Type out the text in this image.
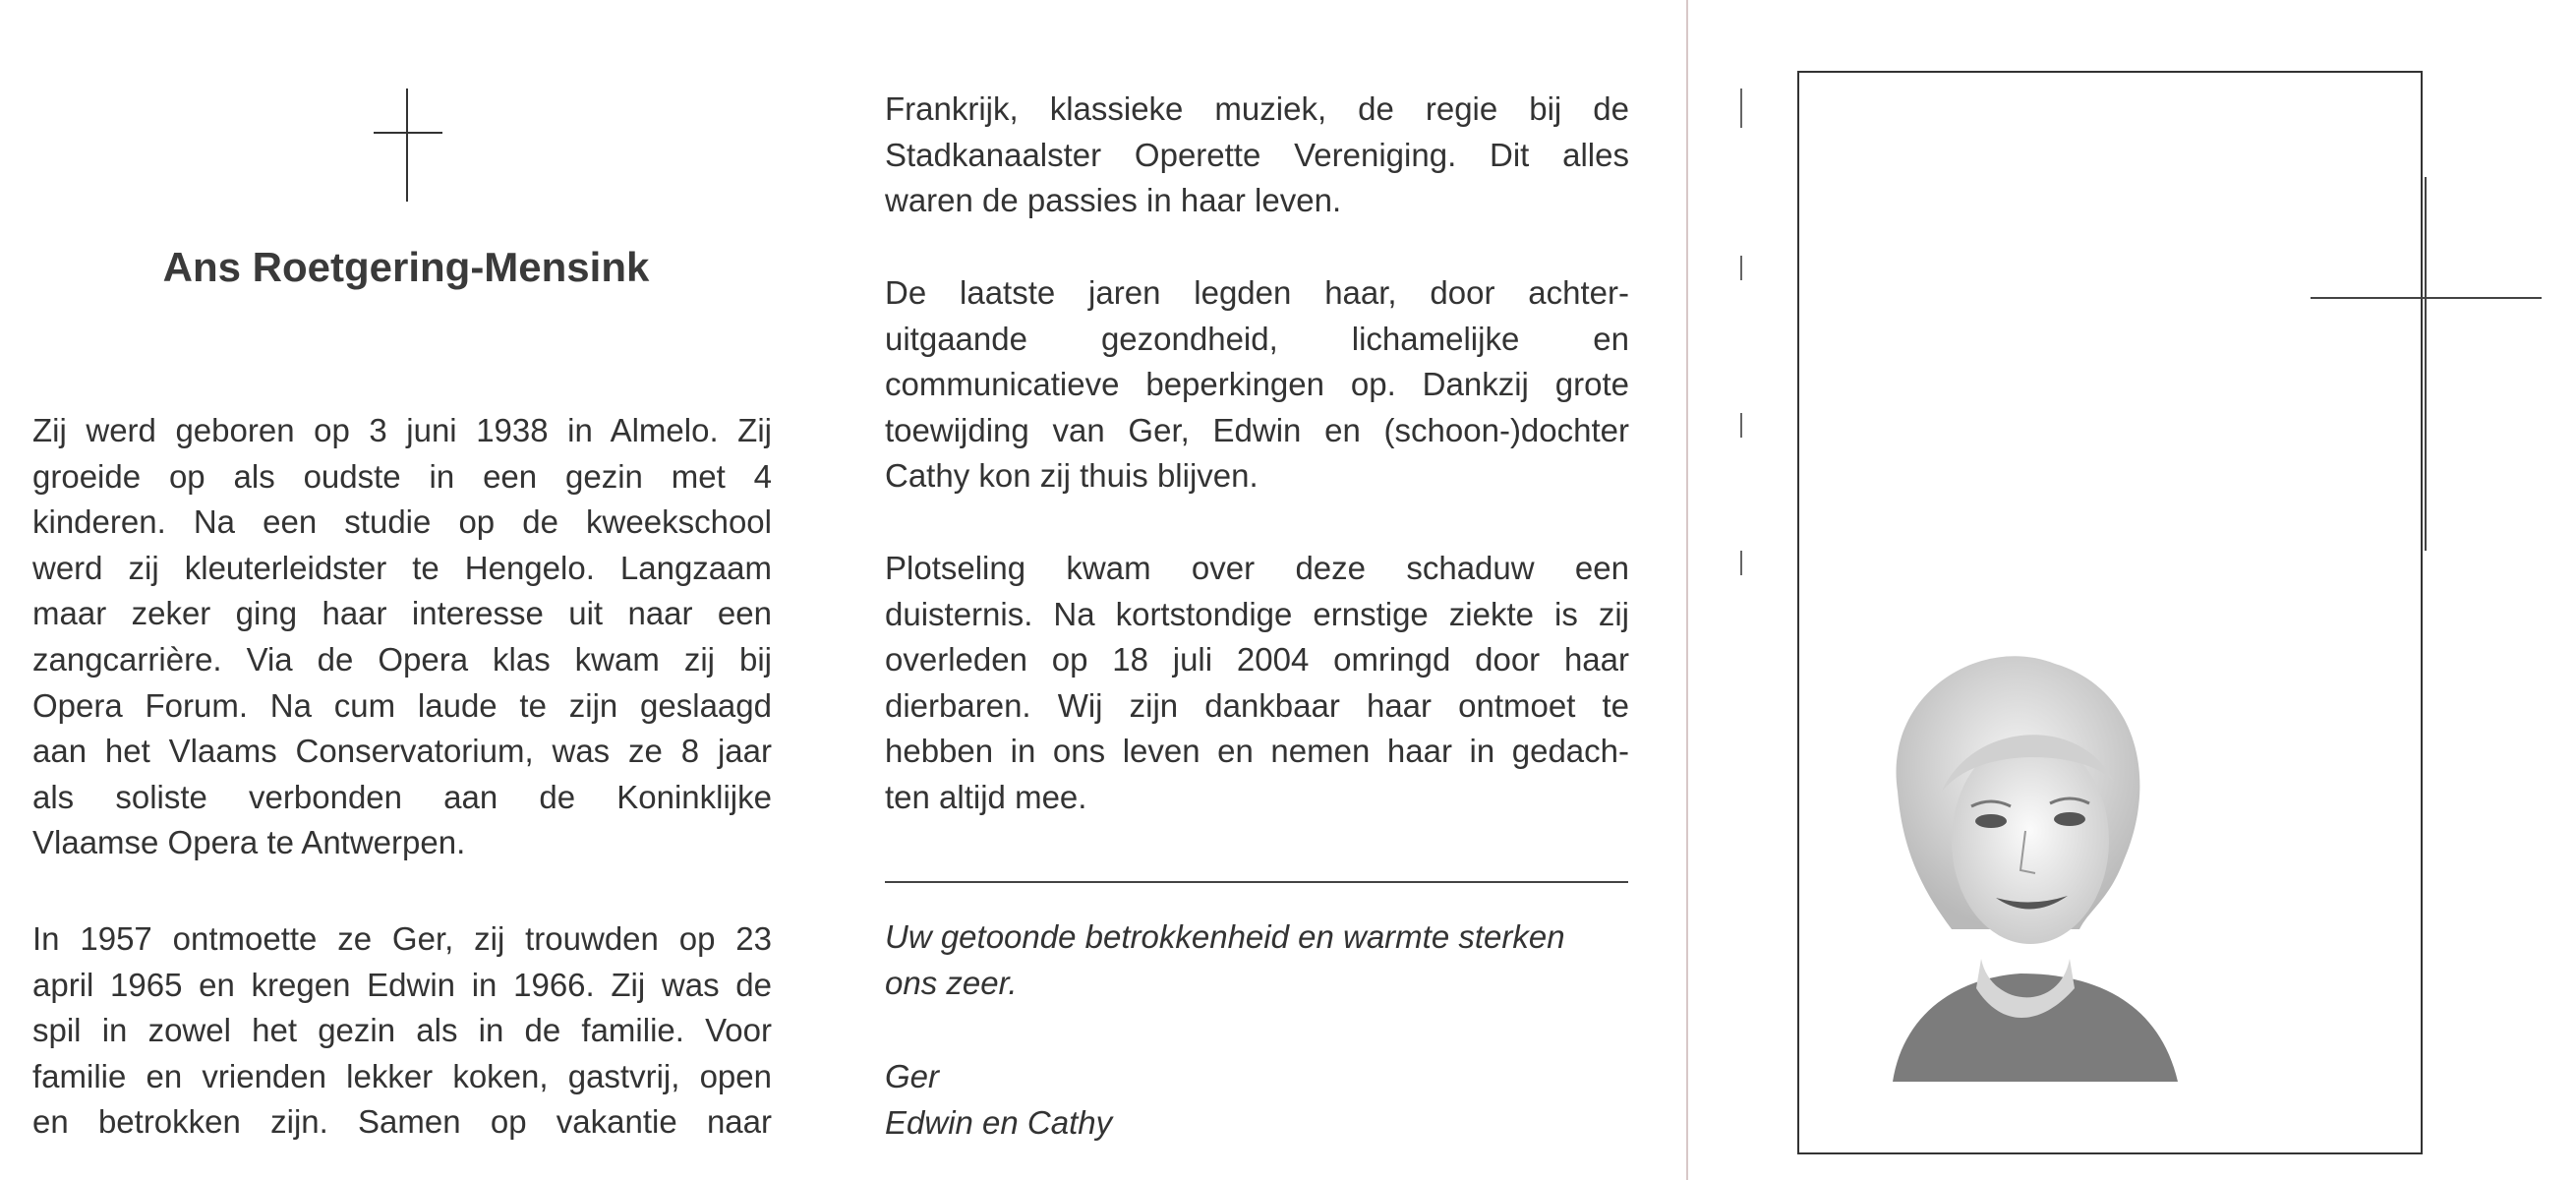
Ans Roetgering-Mensink
Zij werd geboren op 3 juni 1938 in Almelo. Zij
groeide op als oudste in een gezin met 4
kinderen. Na een studie op de kweekschool
werd zij kleuterleidster te Hengelo. Langzaam
maar zeker ging haar interesse uit naar een
zangcarrière. Via de Opera klas kwam zij bij
Opera Forum. Na cum laude te zijn geslaagd
aan het Vlaams Conservatorium, was ze 8 jaar
als soliste verbonden aan de Koninklijke
Vlaamse Opera te Antwerpen.
In 1957 ontmoette ze Ger, zij trouwden op 23
april 1965 en kregen Edwin in 1966. Zij was de
spil in zowel het gezin als in de familie. Voor
familie en vrienden lekker koken, gastvrij, open
en betrokken zijn. Samen op vakantie naar
Frankrijk, klassieke muziek, de regie bij de
Stadkanaalster Operette Vereniging. Dit alles
waren de passies in haar leven.
De laatste jaren legden haar, door achter-
uitgaande gezondheid, lichamelijke en
communicatieve beperkingen op. Dankzij grote
toewijding van Ger, Edwin en (schoon-)dochter
Cathy kon zij thuis blijven.
Plotseling kwam over deze schaduw een
duisternis. Na kortstondige ernstige ziekte is zij
overleden op 18 juli 2004 omringd door haar
dierbaren. Wij zijn dankbaar haar ontmoet te
hebben in ons leven en nemen haar in gedach-
ten altijd mee.
Uw getoonde betrokkenheid en warmte sterken
ons zeer.
Ger
Edwin en Cathy
